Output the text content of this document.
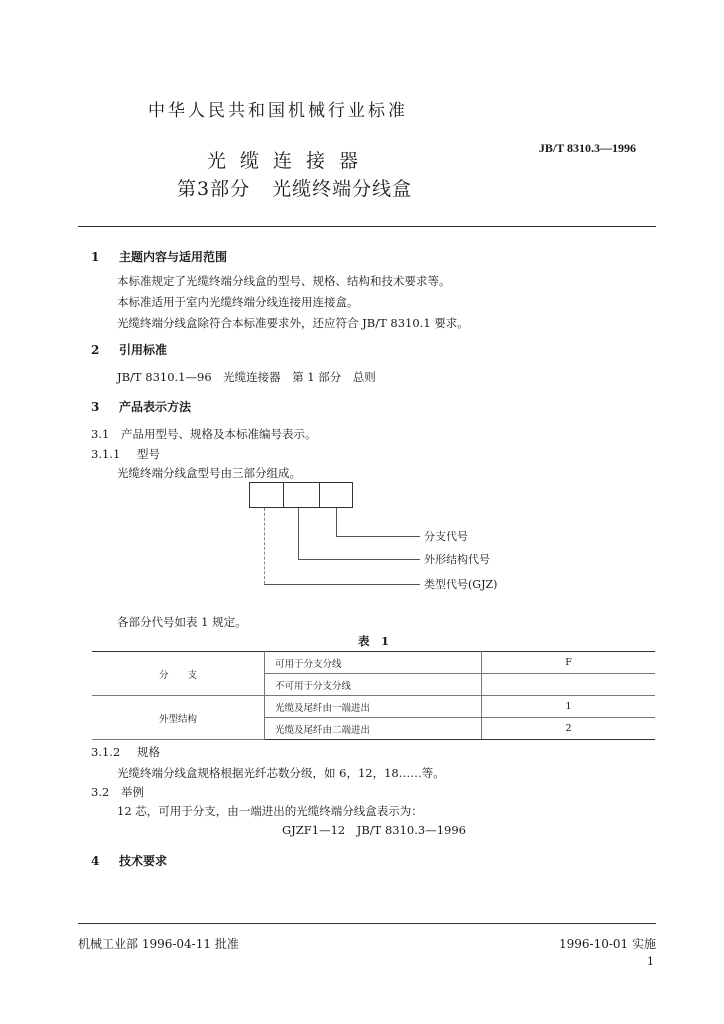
中华人民共和国机械行业标准
JB/T 8310.3—1996
光缆连接器
第3部分 光缆终端分线盒
1 主题内容与适用范围
本标准规定了光缆终端分线盒的型号、规格、结构和技术要求等。
本标准适用于室内光缆终端分线连接用连接盒。
光缆终端分线盒除符合本标准要求外，还应符合 JB/T 8310.1 要求。
2 引用标准
JB/T 8310.1—96　光缆连接器　第 1 部分　总则
3 产品表示方法
3.1 产品用型号、规格及本标准编号表示。
3.1.1 型号
光缆终端分线盒型号由三部分组成。
分支代号
外形结构代号
类型代号(GJZ)
各部分代号如表 1 规定。
表　1
分　　支	可用于分支分线	F
	不可用于分支分线	
外型结构	光缆及尾纤由一端进出	1
	光缆及尾纤由二端进出	2
3.1.2 规格
光缆终端分线盒规格根据光纤芯数分级，如 6，12，18……等。
3.2 举例
12 芯，可用于分支，由一端进出的光缆终端分线盒表示为：
GJZF1—12　JB/T 8310.3—1996
4 技术要求
机械工业部 1996-04-11 批准	1996-10-01 实施
1
